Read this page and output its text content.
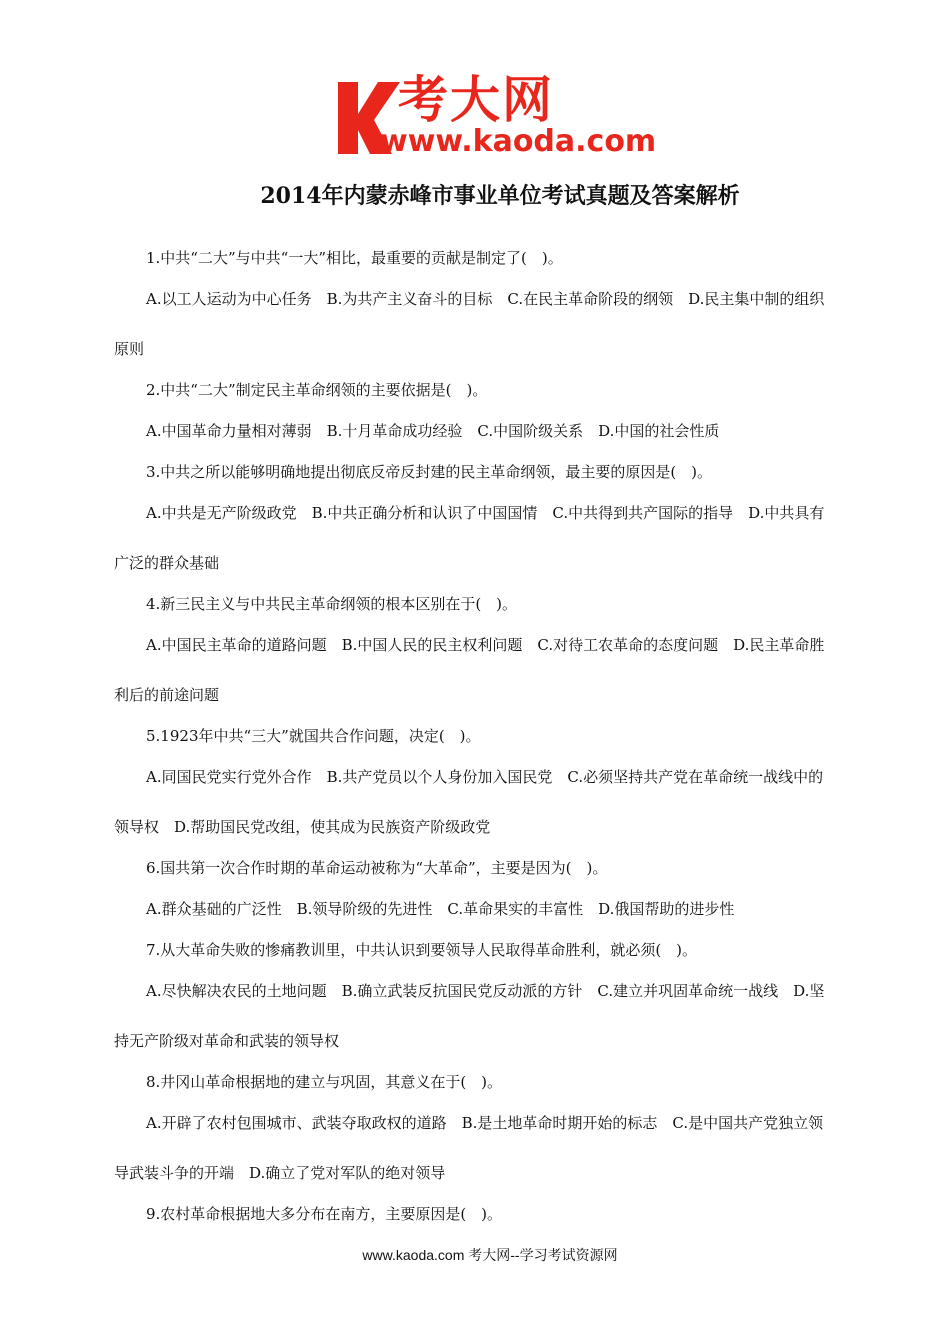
考大网
www.kaoda.com
2014年内蒙赤峰市事业单位考试真题及答案解析

1.中共“二大”与中共“一大”相比，最重要的贡献是制定了(　)。

A.以工人运动为中心任务　B.为共产主义奋斗的目标　C.在民主革命阶段的纲领　D.民主集中制的组织原则

2.中共“二大”制定民主革命纲领的主要依据是(　)。

A.中国革命力量相对薄弱　B.十月革命成功经验　C.中国阶级关系　D.中国的社会性质

3.中共之所以能够明确地提出彻底反帝反封建的民主革命纲领，最主要的原因是(　)。

A.中共是无产阶级政党　B.中共正确分析和认识了中国国情　C.中共得到共产国际的指导　D.中共具有广泛的群众基础

4.新三民主义与中共民主革命纲领的根本区别在于(　)。

A.中国民主革命的道路问题　B.中国人民的民主权利问题　C.对待工农革命的态度问题　D.民主革命胜利后的前途问题

5.1923年中共“三大”就国共合作问题，决定(　)。

A.同国民党实行党外合作　B.共产党员以个人身份加入国民党　C.必须坚持共产党在革命统一战线中的领导权　D.帮助国民党改组，使其成为民族资产阶级政党

6.国共第一次合作时期的革命运动被称为“大革命”，主要是因为(　)。

A.群众基础的广泛性　B.领导阶级的先进性　C.革命果实的丰富性　D.俄国帮助的进步性

7.从大革命失败的惨痛教训里，中共认识到要领导人民取得革命胜利，就必须(　)。

A.尽快解决农民的土地问题　B.确立武装反抗国民党反动派的方针　C.建立并巩固革命统一战线　D.坚持无产阶级对革命和武装的领导权

8.井冈山革命根据地的建立与巩固，其意义在于(　)。

A.开辟了农村包围城市、武装夺取政权的道路　B.是土地革命时期开始的标志　C.是中国共产党独立领导武装斗争的开端　D.确立了党对军队的绝对领导

9.农村革命根据地大多分布在南方，主要原因是(　)。

www.kaoda.com 考大网--学习考试资源网
